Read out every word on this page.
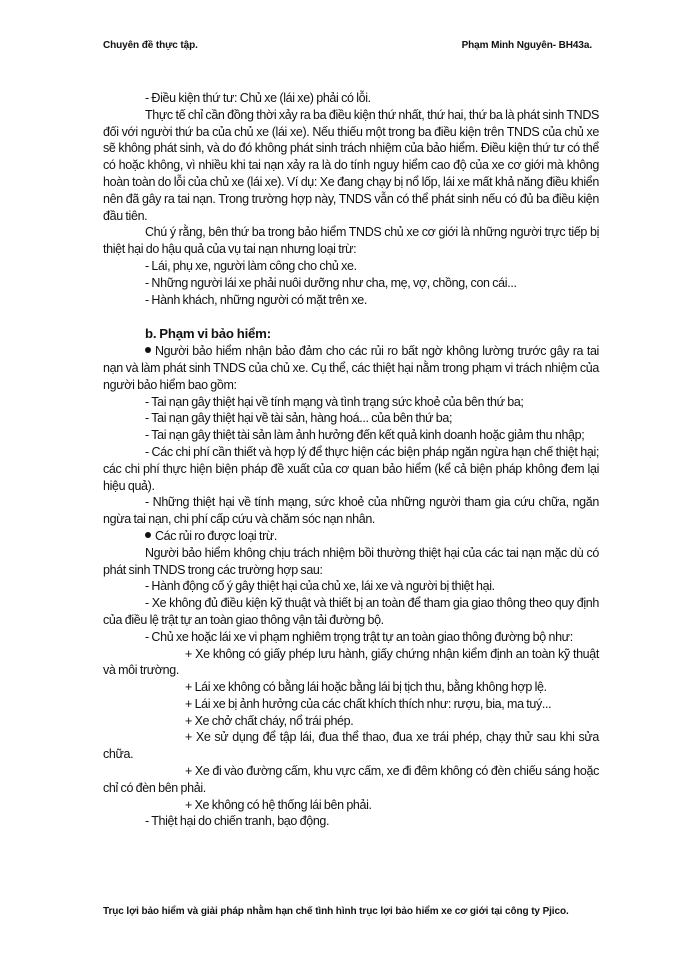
Chuyên đề thực tập.	Phạm Minh Nguyên- BH43a.

- Điều kiện thứ tư: Chủ xe (lái xe) phải có lỗi.

Thực tế chỉ cần đồng thời xảy ra ba điều kiện thứ nhất, thứ hai, thứ ba là phát sinh TNDS đối với người thứ ba của chủ xe (lái xe). Nếu thiếu một trong ba điều kiện trên TNDS của chủ xe sẽ không phát sinh, và do đó không phát sinh trách nhiệm của bảo hiểm. Điều kiện thứ tư có thể có hoặc không, vì nhiều khi tai nạn xảy ra là do tính nguy hiểm cao độ của xe cơ giới mà không hoàn toàn do lỗi của chủ xe (lái xe). Ví dụ: Xe đang chạy bị nổ lốp, lái xe mất khả năng điều khiển nên đã gây ra tai nạn. Trong trường hợp này, TNDS vẫn có thể phát sinh nếu có đủ ba điều kiện đầu tiên.

Chú ý rằng, bên thứ ba trong bảo hiểm TNDS chủ xe cơ giới là những người trực tiếp bị thiệt hại do hậu quả của vụ tai nạn nhưng loại trừ:

- Lái, phụ xe, người làm công cho chủ xe.

- Những người lái xe phải nuôi dưỡng như cha, mẹ, vợ, chồng, con cái...

- Hành khách, những người có mặt trên xe.

b. Phạm vi bảo hiểm:

Người bảo hiểm nhận bảo đảm cho các rủi ro bất ngờ không lường trước gây ra tai nạn và làm phát sinh TNDS của chủ xe. Cụ thể, các thiệt hại nằm trong phạm vi trách nhiệm của người bảo hiểm bao gồm:

- Tai nạn gây thiệt hại về tính mạng và tình trạng sức khoẻ của bên thứ ba;

- Tai nạn gây thiệt hại về tài sản, hàng hoá... của bên thứ ba;

- Tai nạn gây thiệt tài sản làm ảnh hưởng đến kết quả kinh doanh hoặc giảm thu nhập;

- Các chi phí cần thiết và hợp lý để thực hiện các biện pháp ngăn ngừa hạn chế thiệt hại; các chi phí thực hiện biện pháp đề xuất của cơ quan bảo hiểm (kể cả biện pháp không đem lại hiệu quả).

- Những thiệt hại về tính mạng, sức khoẻ của những người tham gia cứu chữa, ngăn ngừa tai nạn, chi phí cấp cứu và chăm sóc nạn nhân.

Các rủi ro được loại trừ.

Người bảo hiểm không chịu trách nhiệm bồi thường thiệt hại của các tai nạn mặc dù có phát sinh TNDS trong các trường hợp sau:

- Hành động cố ý gây thiệt hại của chủ xe, lái xe và người bị thiệt hại.

- Xe không đủ điều kiện kỹ thuật và thiết bị an toàn để tham gia giao thông theo quy định của điều lệ trật tự an toàn giao thông vận tải đường bộ.

- Chủ xe hoặc lái xe vi phạm nghiêm trọng trật tự an toàn giao thông đường bộ như:

+ Xe không có giấy phép lưu hành, giấy chứng nhận kiểm định an toàn kỹ thuật và môi trường.

+ Lái xe không có bằng lái hoặc bằng lái bị tịch thu, bằng không hợp lệ.

+ Lái xe bị ảnh hưởng của các chất khích thích như: rượu, bia, ma tuý...

+ Xe chở chất cháy, nổ trái phép.

+ Xe sử dụng để tập lái, đua thể thao, đua xe trái phép, chạy thử sau khi sửa chữa.

+ Xe đi vào đường cấm, khu vực cấm, xe đi đêm không có đèn chiếu sáng hoặc chỉ có đèn bên phải.

+ Xe không có hệ thống lái bên phải.

- Thiệt hại do chiến tranh, bạo động.

Trục lợi bảo hiểm và giải pháp nhằm hạn chế tình hình trục lợi bảo hiểm xe cơ giới tại công ty Pjico.
